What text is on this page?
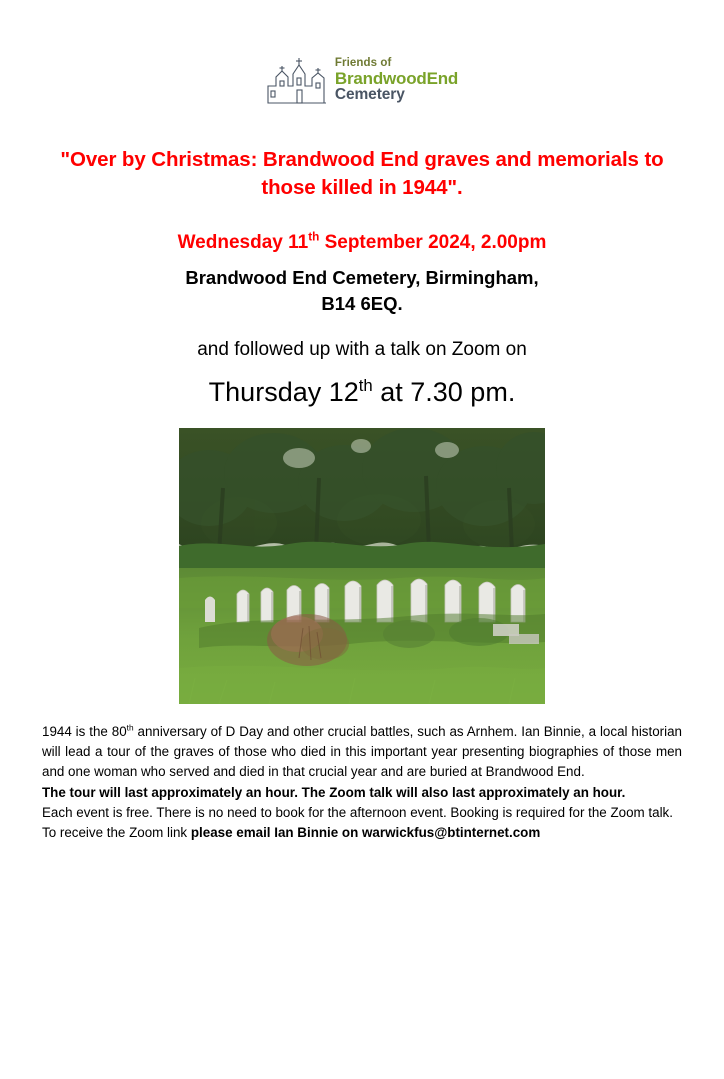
Friends of
BrandwoodEnd
Cemetery
"Over by Christmas: Brandwood End graves and memorials to those killed in 1944".
Wednesday 11th September 2024, 2.00pm
Brandwood End Cemetery, Birmingham,
B14 6EQ.
and followed up with a talk on Zoom on
Thursday 12th at 7.30 pm.

1944 is the 80th anniversary of D Day and other crucial battles, such as Arnhem. Ian Binnie, a local historian will lead a tour of the graves of those who died in this important year presenting biographies of those men and one woman who served and died in that crucial year and are buried at Brandwood End.

The tour will last approximately an hour. The Zoom talk will also last approximately an hour.

Each event is free. There is no need to book for the afternoon event. Booking is required for the Zoom talk. To receive the Zoom link please email Ian Binnie on warwickfus@btinternet.com
